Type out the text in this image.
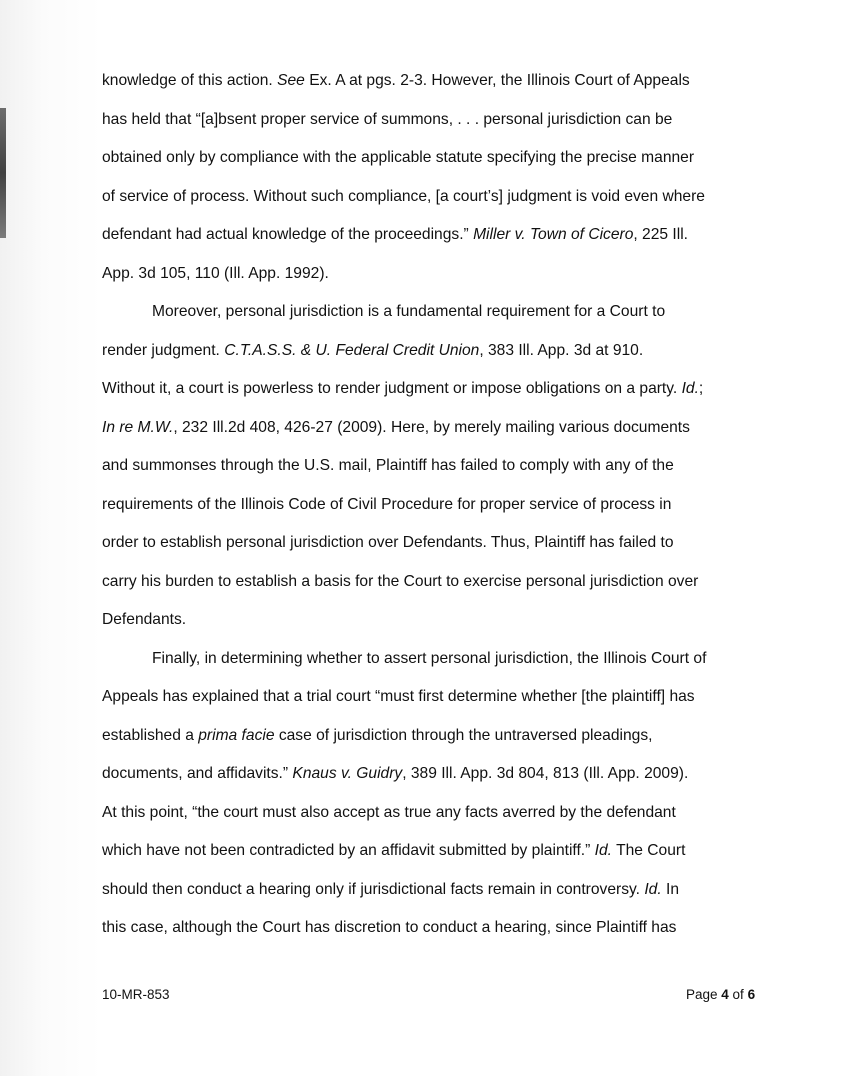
knowledge of this action. See Ex. A at pgs. 2-3. However, the Illinois Court of Appeals
has held that “[a]bsent proper service of summons, . . . personal jurisdiction can be
obtained only by compliance with the applicable statute specifying the precise manner
of service of process. Without such compliance, [a court’s] judgment is void even where
defendant had actual knowledge of the proceedings.” Miller v. Town of Cicero, 225 Ill.
App. 3d 105, 110 (Ill. App. 1992).
Moreover, personal jurisdiction is a fundamental requirement for a Court to
render judgment. C.T.A.S.S. & U. Federal Credit Union, 383 Ill. App. 3d at 910.
Without it, a court is powerless to render judgment or impose obligations on a party. Id.;
In re M.W., 232 Ill.2d 408, 426-27 (2009). Here, by merely mailing various documents
and summonses through the U.S. mail, Plaintiff has failed to comply with any of the
requirements of the Illinois Code of Civil Procedure for proper service of process in
order to establish personal jurisdiction over Defendants. Thus, Plaintiff has failed to
carry his burden to establish a basis for the Court to exercise personal jurisdiction over
Defendants.
Finally, in determining whether to assert personal jurisdiction, the Illinois Court of
Appeals has explained that a trial court “must first determine whether [the plaintiff] has
established a prima facie case of jurisdiction through the untraversed pleadings,
documents, and affidavits.” Knaus v. Guidry, 389 Ill. App. 3d 804, 813 (Ill. App. 2009).
At this point, “the court must also accept as true any facts averred by the defendant
which have not been contradicted by an affidavit submitted by plaintiff.” Id. The Court
should then conduct a hearing only if jurisdictional facts remain in controversy. Id. In
this case, although the Court has discretion to conduct a hearing, since Plaintiff has
10-MR-853	Page 4 of 6
